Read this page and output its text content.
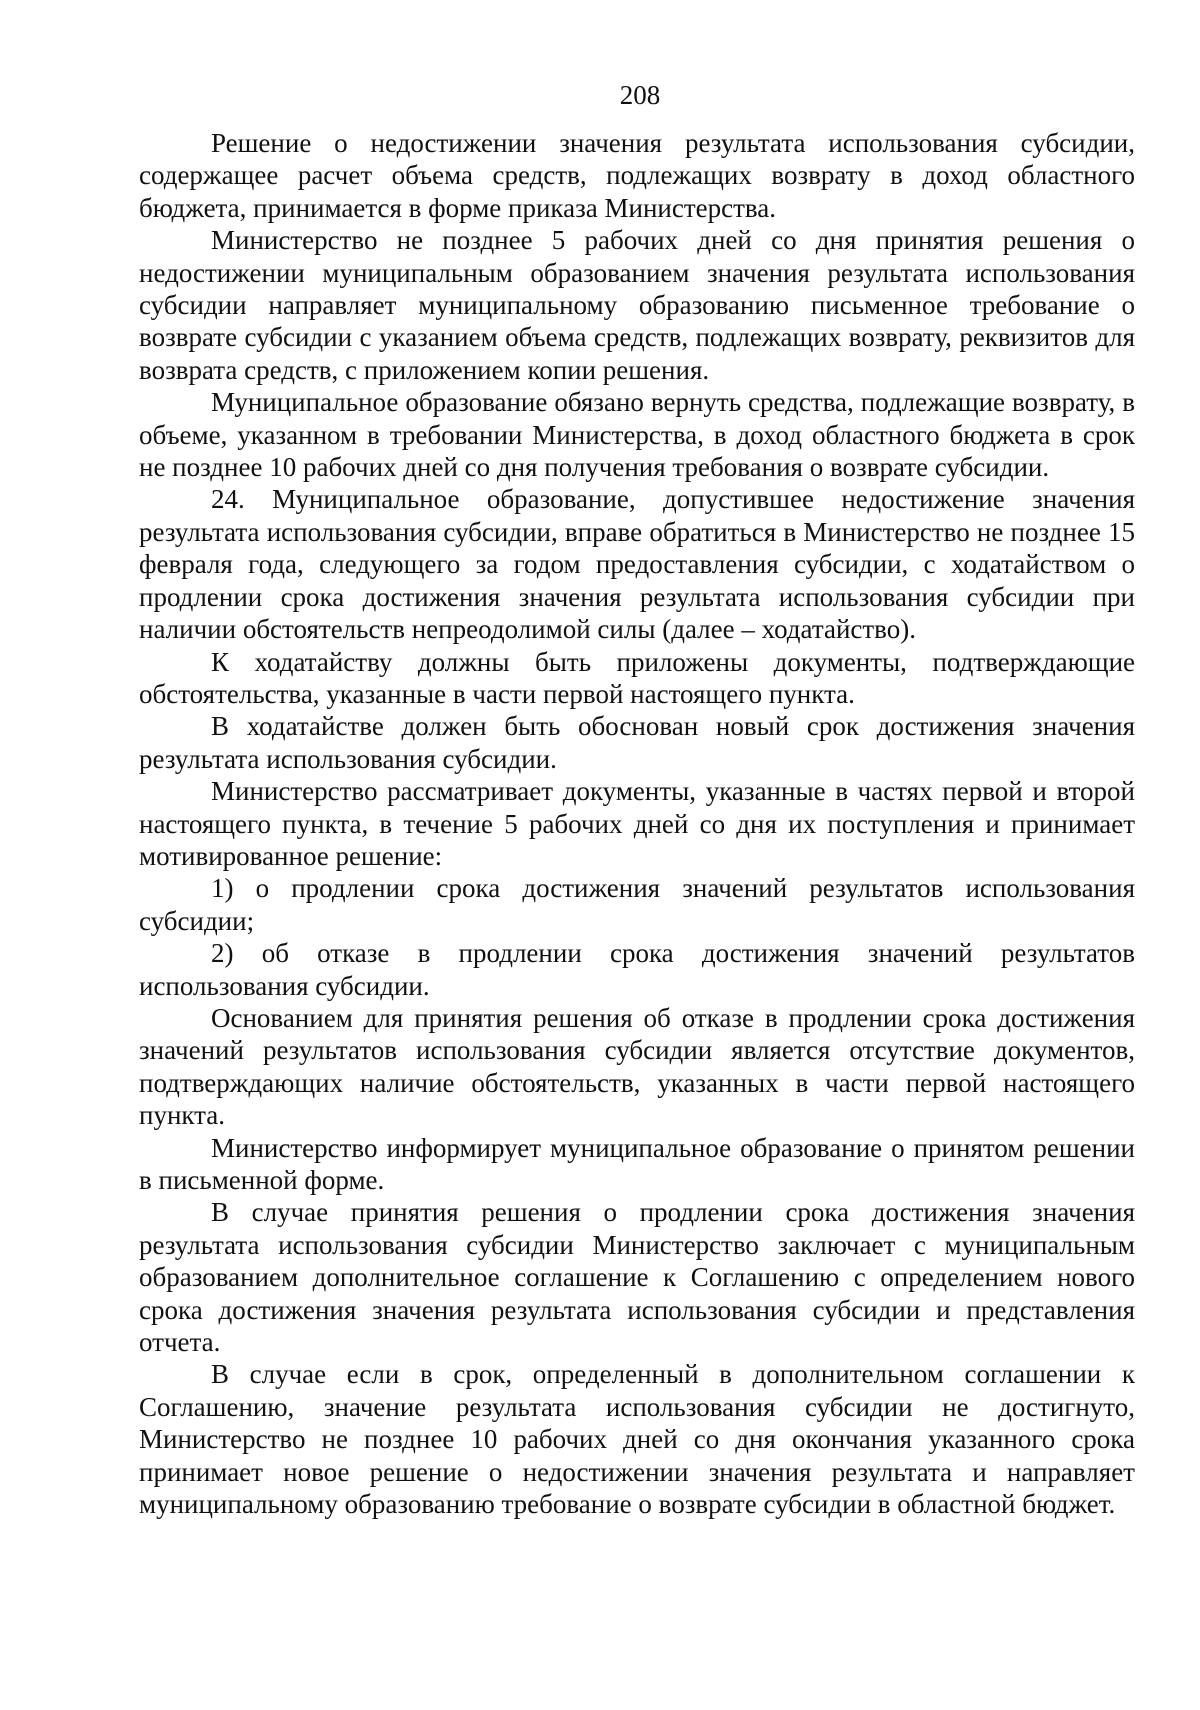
208

Решение о недостижении значения результата использования субсидии, содержащее расчет объема средств, подлежащих возврату в доход областного бюджета, принимается в форме приказа Министерства.

Министерство не позднее 5 рабочих дней со дня принятия решения о недостижении муниципальным образованием значения результата использования субсидии направляет муниципальному образованию письменное требование о возврате субсидии с указанием объема средств, подлежащих возврату, реквизитов для возврата средств, с приложением копии решения.

Муниципальное образование обязано вернуть средства, подлежащие возврату, в объеме, указанном в требовании Министерства, в доход областного бюджета в срок не позднее 10 рабочих дней со дня получения требования о возврате субсидии.

24. Муниципальное образование, допустившее недостижение значения результата использования субсидии, вправе обратиться в Министерство не позднее 15 февраля года, следующего за годом предоставления субсидии, с ходатайством о продлении срока достижения значения результата использования субсидии при наличии обстоятельств непреодолимой силы (далее – ходатайство).

К ходатайству должны быть приложены документы, подтверждающие обстоятельства, указанные в части первой настоящего пункта.

В ходатайстве должен быть обоснован новый срок достижения значения результата использования субсидии.

Министерство рассматривает документы, указанные в частях первой и второй настоящего пункта, в течение 5 рабочих дней со дня их поступления и принимает мотивированное решение:

1) о продлении срока достижения значений результатов использования субсидии;

2) об отказе в продлении срока достижения значений результатов использования субсидии.

Основанием для принятия решения об отказе в продлении срока достижения значений результатов использования субсидии является отсутствие документов, подтверждающих наличие обстоятельств, указанных в части первой настоящего пункта.

Министерство информирует муниципальное образование о принятом решении в письменной форме.

В случае принятия решения о продлении срока достижения значения результата использования субсидии Министерство заключает с муниципальным образованием дополнительное соглашение к Соглашению с определением нового срока достижения значения результата использования субсидии и представления отчета.

В случае если в срок, определенный в дополнительном соглашении к Соглашению, значение результата использования субсидии не достигнуто, Министерство не позднее 10 рабочих дней со дня окончания указанного срока принимает новое решение о недостижении значения результата и направляет муниципальному образованию требование о возврате субсидии в областной бюджет.
